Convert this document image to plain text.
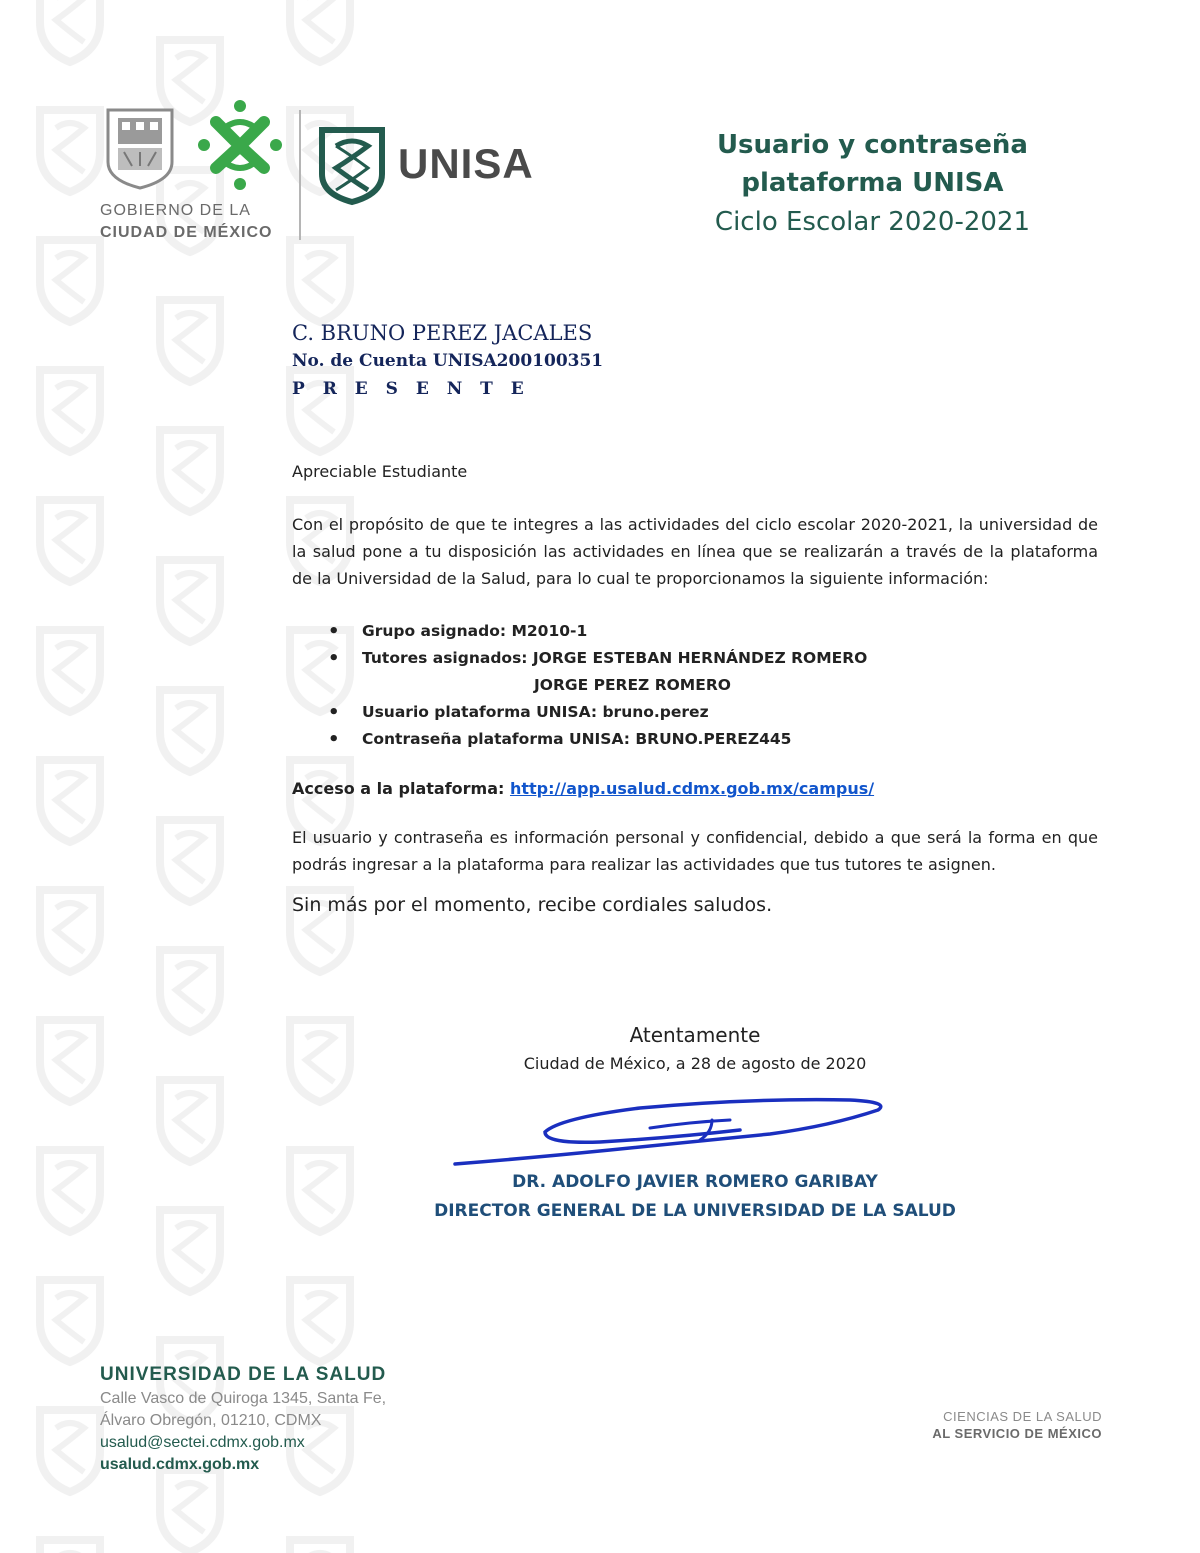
UNISA
GOBIERNO DE LA
CIUDAD DE MÉXICO
Usuario y contraseña
plataforma UNISA
Ciclo Escolar 2020-2021
C. BRUNO PEREZ JACALES
No. de Cuenta UNISA200100351
P R E S E N T E

Apreciable Estudiante

Con el propósito de que te integres a las actividades del ciclo escolar 2020-2021, la universidad de la salud pone a tu disposición las actividades en línea que se realizarán a través de la plataforma de la Universidad de la Salud, para lo cual te proporcionamos la siguiente información:

• Grupo asignado: M2010-1
• Tutores asignados: JORGE ESTEBAN HERNÁNDEZ ROMERO
JORGE PEREZ ROMERO
• Usuario plataforma UNISA: bruno.perez
• Contraseña plataforma UNISA: BRUNO.PEREZ445

Acceso a la plataforma: http://app.usalud.cdmx.gob.mx/campus/

El usuario y contraseña es información personal y confidencial, debido a que será la forma en que podrás ingresar a la plataforma para realizar las actividades que tus tutores te asignen.

Sin más por el momento, recibe cordiales saludos.

Atentamente
Ciudad de México, a 28 de agosto de 2020
DR. ADOLFO JAVIER ROMERO GARIBAY
DIRECTOR GENERAL DE LA UNIVERSIDAD DE LA SALUD
UNIVERSIDAD DE LA SALUD
Calle Vasco de Quiroga 1345, Santa Fe,
Álvaro Obregón, 01210, CDMX
usalud@sectei.cdmx.gob.mx
usalud.cdmx.gob.mx
CIENCIAS DE LA SALUD
AL SERVICIO DE MÉXICO
